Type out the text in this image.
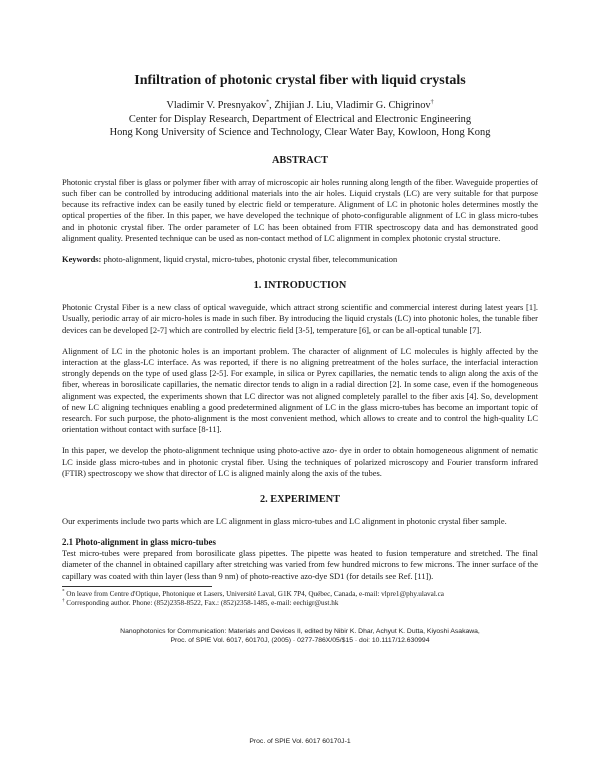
Infiltration of photonic crystal fiber with liquid crystals
Vladimir V. Presnyakov*, Zhijian J. Liu, Vladimir G. Chigrinov†
Center for Display Research, Department of Electrical and Electronic Engineering
Hong Kong University of Science and Technology, Clear Water Bay, Kowloon, Hong Kong
ABSTRACT

Photonic crystal fiber is glass or polymer fiber with array of microscopic air holes running along length of the fiber. Waveguide properties of such fiber can be controlled by introducing additional materials into the air holes. Liquid crystals (LC) are very suitable for that purpose because its refractive index can be easily tuned by electric field or temperature. Alignment of LC in photonic holes determines mostly the optical properties of the fiber. In this paper, we have developed the technique of photo-configurable alignment of LC in glass micro-tubes and in photonic crystal fiber. The order parameter of LC has been obtained from FTIR spectroscopy data and has demonstrated good alignment quality. Presented technique can be used as non-contact method of LC alignment in complex photonic crystal structure.

Keywords: photo-alignment, liquid crystal, micro-tubes, photonic crystal fiber, telecommunication

1. INTRODUCTION

Photonic Crystal Fiber is a new class of optical waveguide, which attract strong scientific and commercial interest during latest years [1]. Usually, periodic array of air micro-holes is made in such fiber. By introducing the liquid crystals (LC) into photonic holes, the tunable fiber devices can be developed [2-7] which are controlled by electric field [3-5], temperature [6], or can be all-optical tunable [7].

Alignment of LC in the photonic holes is an important problem. The character of alignment of LC molecules is highly affected by the interaction at the glass-LC interface. As was reported, if there is no aligning pretreatment of the holes surface, the interfacial interaction strongly depends on the type of used glass [2-5]. For example, in silica or Pyrex capillaries, the nematic tends to align along the axis of the fiber, whereas in borosilicate capillaries, the nematic director tends to align in a radial direction [2]. In some case, even if the homogeneous alignment was expected, the experiments shown that LC director was not aligned completely parallel to the fiber axis [4]. So, development of new LC aligning techniques enabling a good predetermined alignment of LC in the glass micro-tubes has become an important topic of research. For such purpose, the photo-alignment is the most convenient method, which allows to create and to control the high-quality LC orientation without contact with surface [8-11].

In this paper, we develop the photo-alignment technique using photo-active azo- dye in order to obtain homogeneous alignment of nematic LC inside glass micro-tubes and in photonic crystal fiber. Using the techniques of polarized microscopy and Fourier transform infrared (FTIR) spectroscopy we show that director of LC is aligned mainly along the axis of the tubes.

2. EXPERIMENT

Our experiments include two parts which are LC alignment in glass micro-tubes and LC alignment in photonic crystal fiber sample.

2.1 Photo-alignment in glass micro-tubes

Test micro-tubes were prepared from borosilicate glass pipettes. The pipette was heated to fusion temperature and stretched. The final diameter of the channel in obtained capillary after stretching was varied from few hundred microns to few microns. The inner surface of the capillary was coated with thin layer (less than 9 nm) of photo-reactive azo-dye SD1 (for details see Ref. [11]).

* On leave from Centre d'Optique, Photonique et Lasers, Université Laval, G1K 7P4, Québec, Canada, e-mail: vlpre1@phy.ulaval.ca
† Corresponding author. Phone: (852)2358-8522, Fax.: (852)2358-1485, e-mail: eechigr@ust.hk
Nanophotonics for Communication: Materials and Devices II, edited by Nibir K. Dhar, Achyut K. Dutta, Kiyoshi Asakawa,
Proc. of SPIE Vol. 6017, 60170J, (2005) · 0277-786X/05/$15 · doi: 10.1117/12.630994
Proc. of SPIE Vol. 6017 60170J-1
